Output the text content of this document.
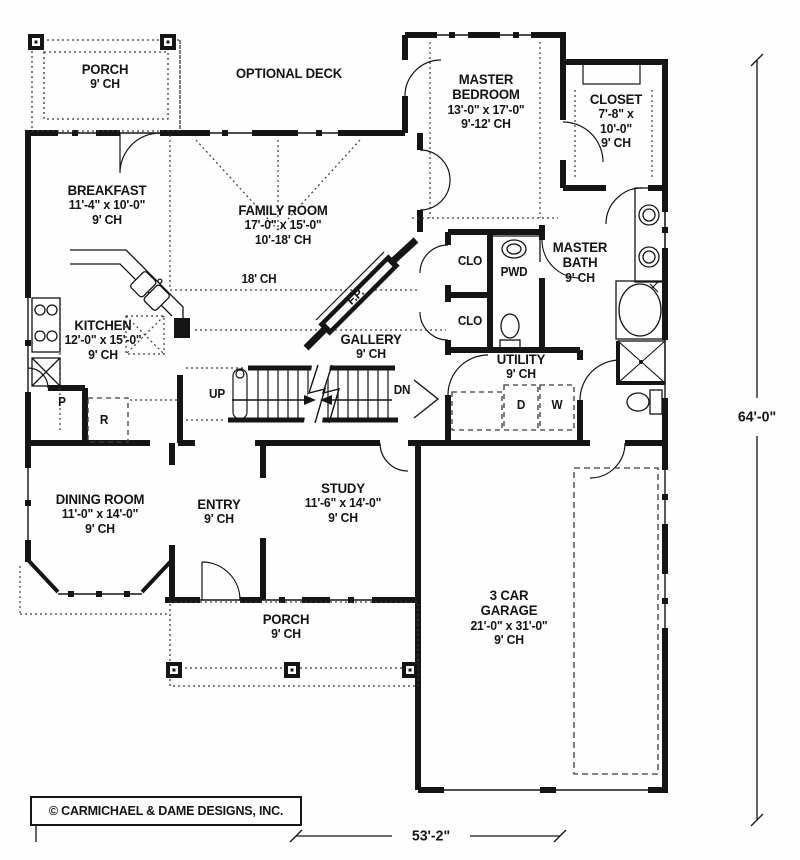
PORCH
9' CH
OPTIONAL DECK	MASTER BEDROOM
13'-0" x 17'-0"
9'-12' CH
CLOSET
7'-8" x 10'-0"
9' CH
BREAKFAST
11'-4" x 10'-0"
9' CH
FAMILY ROOM
17'-0" x 15'-0"
10'-18' CH
18' CH
KITCHEN
12'-0" x 15'-0"
9' CH
GALLERY
9' CH
MASTER BATH
9' CH
CLO
PWD
CLO
UTILITY
9' CH
D W
UP	DN
F.P.
P
R
DINING ROOM
11'-0" x 14'-0"
9' CH
ENTRY
9' CH
STUDY
11'-6" x 14'-0"
9' CH
PORCH
9' CH
3 CAR GARAGE
21'-0" x 31'-0"
9' CH
64'-0"
53'-2"
© CARMICHAEL & DAME DESIGNS, INC.
